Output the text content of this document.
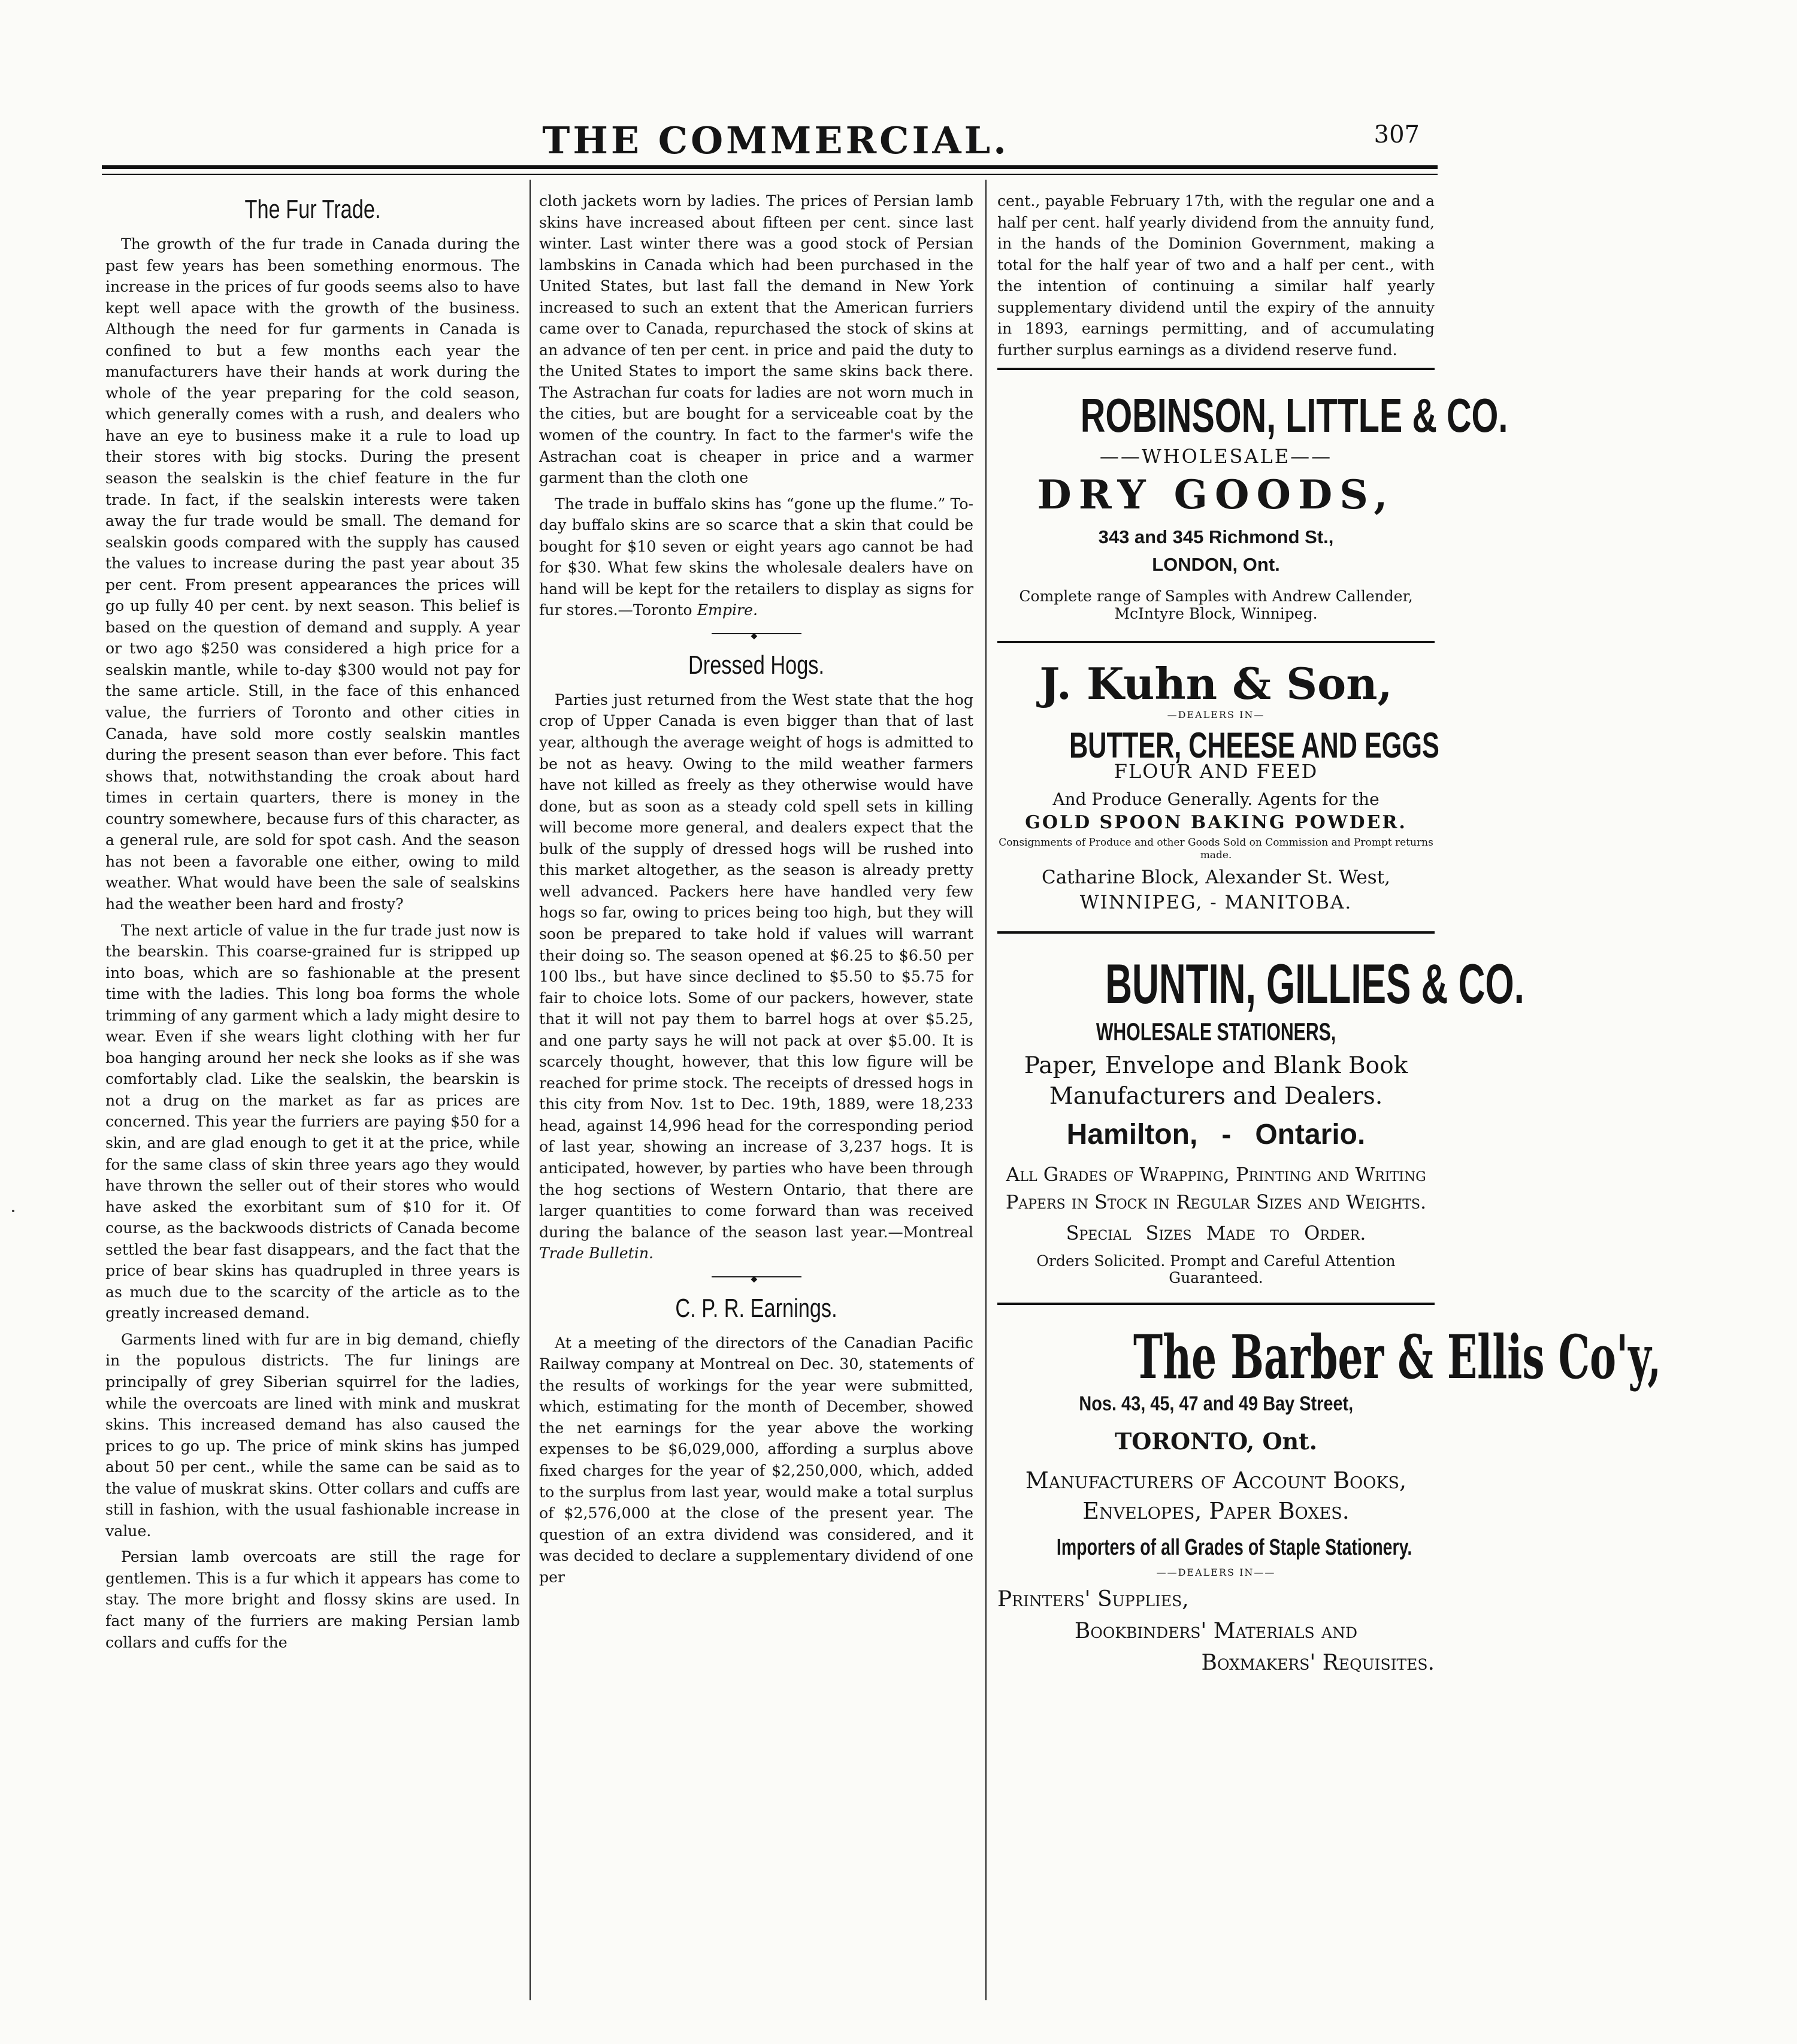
THE COMMERCIAL.	307
The Fur Trade.

The growth of the fur trade in Canada during the past few years has been something enormous. The increase in the prices of fur goods seems also to have kept well apace with the growth of the business. Although the need for fur garments in Canada is confined to but a few months each year the manufacturers have their hands at work during the whole of the year preparing for the cold season, which generally comes with a rush, and dealers who have an eye to business make it a rule to load up their stores with big stocks. During the present season the sealskin is the chief feature in the fur trade. In fact, if the sealskin interests were taken away the fur trade would be small. The demand for sealskin goods compared with the supply has caused the values to increase during the past year about 35 per cent. From present appearances the prices will go up fully 40 per cent. by next season. This belief is based on the question of demand and supply. A year or two ago $250 was considered a high price for a sealskin mantle, while to-day $300 would not pay for the same article. Still, in the face of this enhanced value, the furriers of Toronto and other cities in Canada, have sold more costly sealskin mantles during the present season than ever before. This fact shows that, notwithstanding the croak about hard times in certain quarters, there is money in the country somewhere, because furs of this character, as a general rule, are sold for spot cash. And the season has not been a favorable one either, owing to mild weather. What would have been the sale of sealskins had the weather been hard and frosty?

The next article of value in the fur trade just now is the bearskin. This coarse-grained fur is stripped up into boas, which are so fashionable at the present time with the ladies. This long boa forms the whole trimming of any garment which a lady might desire to wear. Even if she wears light clothing with her fur boa hanging around her neck she looks as if she was comfortably clad. Like the sealskin, the bearskin is not a drug on the market as far as prices are concerned. This year the furriers are paying $50 for a skin, and are glad enough to get it at the price, while for the same class of skin three years ago they would have thrown the seller out of their stores who would have asked the exorbitant sum of $10 for it. Of course, as the backwoods districts of Canada become settled the bear fast disappears, and the fact that the price of bear skins has quadrupled in three years is as much due to the scarcity of the article as to the greatly increased demand.

Garments lined with fur are in big demand, chiefly in the populous districts. The fur linings are principally of grey Siberian squirrel for the ladies, while the overcoats are lined with mink and muskrat skins. This increased demand has also caused the prices to go up. The price of mink skins has jumped about 50 per cent., while the same can be said as to the value of muskrat skins. Otter collars and cuffs are still in fashion, with the usual fashionable increase in value.

Persian lamb overcoats are still the rage for gentlemen. This is a fur which it appears has come to stay. The more bright and flossy skins are used. In fact many of the furriers are making Persian lamb collars and cuffs for the

cloth jackets worn by ladies. The prices of Persian lamb skins have increased about fifteen per cent. since last winter. Last winter there was a good stock of Persian lambskins in Canada which had been purchased in the United States, but last fall the demand in New York increased to such an extent that the American furriers came over to Canada, repurchased the stock of skins at an advance of ten per cent. in price and paid the duty to the United States to import the same skins back there. The Astrachan fur coats for ladies are not worn much in the cities, but are bought for a serviceable coat by the women of the country. In fact to the farmer's wife the Astrachan coat is cheaper in price and a warmer garment than the cloth one

The trade in buffalo skins has “gone up the flume.” To-day buffalo skins are so scarce that a skin that could be bought for $10 seven or eight years ago cannot be had for $30. What few skins the wholesale dealers have on hand will be kept for the retailers to display as signs for fur stores.—Toronto Empire.

◆
Dressed Hogs.

Parties just returned from the West state that the hog crop of Upper Canada is even bigger than that of last year, although the average weight of hogs is admitted to be not as heavy. Owing to the mild weather farmers have not killed as freely as they otherwise would have done, but as soon as a steady cold spell sets in killing will become more general, and dealers expect that the bulk of the supply of dressed hogs will be rushed into this market altogether, as the season is already pretty well advanced. Packers here have handled very few hogs so far, owing to prices being too high, but they will soon be prepared to take hold if values will warrant their doing so. The season opened at $6.25 to $6.50 per 100 lbs., but have since declined to $5.50 to $5.75 for fair to choice lots. Some of our packers, however, state that it will not pay them to barrel hogs at over $5.25, and one party says he will not pack at over $5.00. It is scarcely thought, however, that this low figure will be reached for prime stock. The receipts of dressed hogs in this city from Nov. 1st to Dec. 19th, 1889, were 18,233 head, against 14,996 head for the corresponding period of last year, showing an increase of 3,237 hogs. It is anticipated, however, by parties who have been through the hog sections of Western Ontario, that there are larger quantities to come forward than was received during the balance of the season last year.—Montreal Trade Bulletin.

◆
C. P. R. Earnings.

At a meeting of the directors of the Canadian Pacific Railway company at Montreal on Dec. 30, statements of the results of workings for the year were submitted, which, estimating for the month of December, showed the net earnings for the year above the working expenses to be $6,029,000, affording a surplus above fixed charges for the year of $2,250,000, which, added to the surplus from last year, would make a total surplus of $2,576,000 at the close of the present year. The question of an extra dividend was considered, and it was decided to declare a supplementary dividend of one per

cent., payable February 17th, with the regular one and a half per cent. half yearly dividend from the annuity fund, in the hands of the Dominion Government, making a total for the half year of two and a half per cent., with the intention of continuing a similar half yearly supplementary dividend until the expiry of the annuity in 1893, earnings permitting, and of accumulating further surplus earnings as a dividend reserve fund.

ROBINSON, LITTLE & CO.

——WHOLESALE——

DRY GOODS,

343 and 345 Richmond St.,

LONDON, Ont.

Complete range of Samples with Andrew Callender, McIntyre Block, Winnipeg.

J. Kuhn & Son,

—DEALERS IN—

BUTTER, CHEESE AND EGGS

FLOUR AND FEED

And Produce Generally. Agents for the

GOLD SPOON BAKING POWDER.

Consignments of Produce and other Goods Sold on Commission and Prompt returns made.

Catharine Block, Alexander St. West,

WINNIPEG, - MANITOBA.

BUNTIN, GILLIES & CO.
WHOLESALE STATIONERS,

Paper, Envelope and Blank Book Manufacturers and Dealers.

Hamilton,   -   Ontario.

All Grades of Wrapping, Printing and Writing Papers in Stock in Regular Sizes and Weights.

Special Sizes Made to Order.

Orders Solicited. Prompt and Careful Attention Guaranteed.

The Barber & Ellis Co'y,
Nos. 43, 45, 47 and 49 Bay Street,

TORONTO, Ont.

Manufacturers of Account Books, Envelopes, Paper Boxes.

Importers of all Grades of Staple Stationery.

——DEALERS IN——

Printers' Supplies,

Bookbinders' Materials and

Boxmakers' Requisites.
